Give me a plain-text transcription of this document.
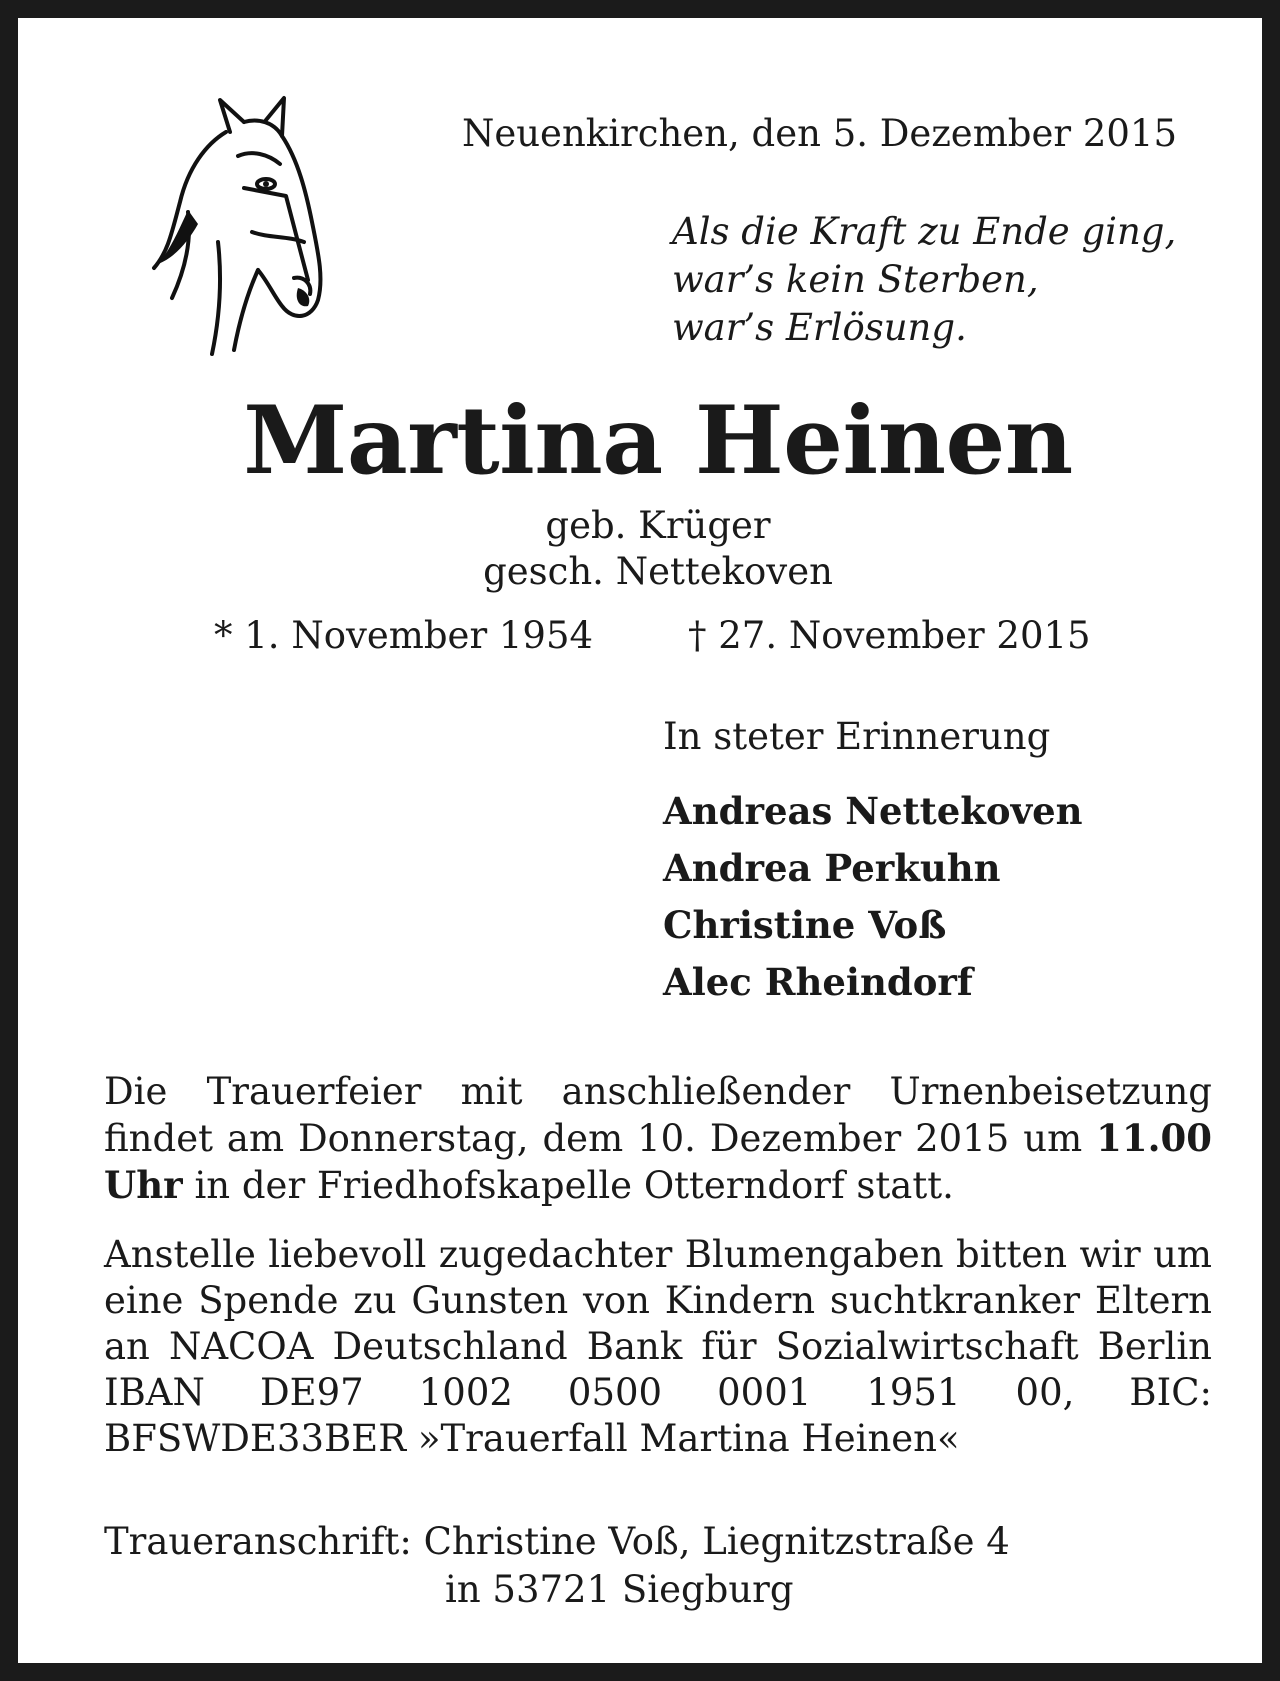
Neuenkirchen, den 5. Dezember 2015
Als die Kraft zu Ende ging,
war’s kein Sterben,
war’s Erlösung.
Martina Heinen
geb. Krüger
gesch. Nettekoven
* 1. November 1954	† 27. November 2015
In steter Erinnerung
Andreas Nettekoven
Andrea Perkuhn
Christine Voß
Alec Rheindorf
Die Trauerfeier mit anschließender Urnenbeisetzung findet am Donnerstag, dem 10. Dezember 2015 um 11.00 Uhr in der Friedhofskapelle Otterndorf statt.
Anstelle liebevoll zugedachter Blumengaben bitten wir um eine Spende zu Gunsten von Kindern suchtkranker Eltern an NACOA Deutschland Bank für Sozialwirtschaft Berlin IBAN DE97 1002 0500 0001 1951 00, BIC: BFSWDE33BER »Trauerfall Martina Heinen«
Traueranschrift: Christine Voß, Liegnitzstraße 4
in 53721 Siegburg
